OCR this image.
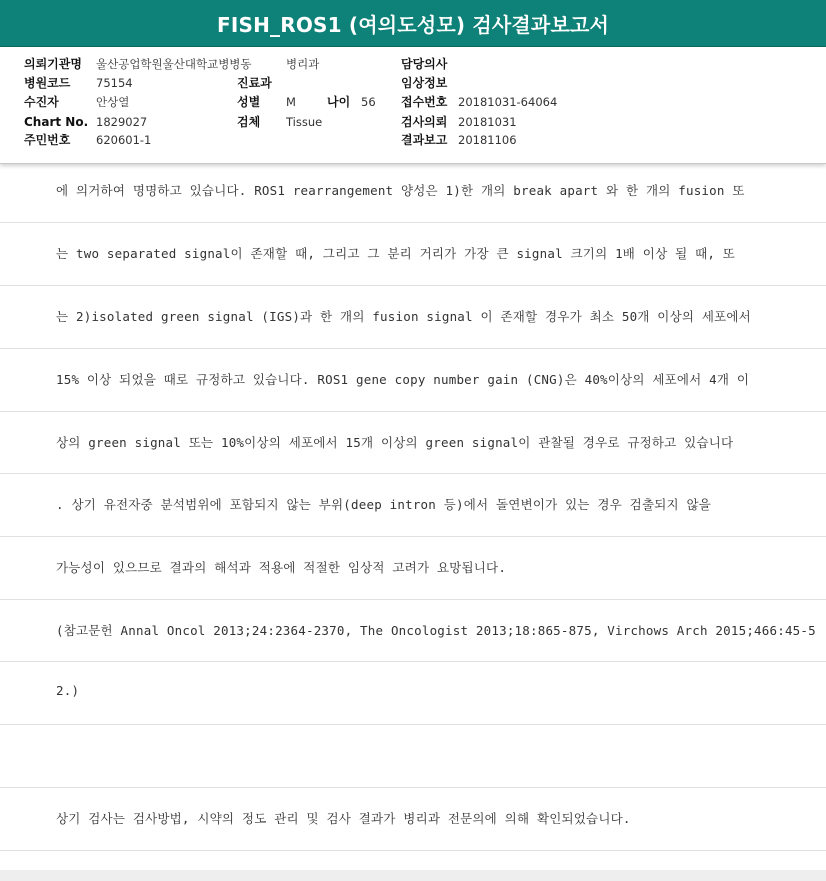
FISH_ROS1 (여의도성모) 검사결과보고서
의뢰기관명 울산공업학원울산대학교병병동	병리과	담당의사
병원코드 75154	진료과	임상정보
수진자	안상열	성별 M	나이 56 접수번호 20181031-64064
Chart No. 1829027	검체 Tissue	검사의뢰 20181031
주민번호 620601-1	결과보고 20181106
에 의거하여 명명하고 있습니다. ROS1 rearrangement 양성은 1)한 개의 break apart 와 한 개의 fusion 또
는 two separated signal이 존재할 때, 그리고 그 분리 거리가 가장 큰 signal 크기의 1배 이상 될 때, 또
는 2)isolated green signal (IGS)과 한 개의 fusion signal 이 존재할 경우가 최소 50개 이상의 세포에서
15% 이상 되었을 때로 규정하고 있습니다. ROS1 gene copy number gain (CNG)은 40%이상의 세포에서 4개 이
상의 green signal 또는 10%이상의 세포에서 15개 이상의 green signal이 관찰될 경우로 규정하고 있습니다
. 상기 유전자중 분석범위에 포함되지 않는 부위(deep intron 등)에서 돌연변이가 있는 경우 검출되지 않을
가능성이 있으므로 결과의 해석과 적용에 적절한 임상적 고려가 요망됩니다.
(참고문헌 Annal Oncol 2013;24:2364-2370, The Oncologist 2013;18:865-875, Virchows Arch 2015;466:45-5
2.)
상기 검사는 검사방법, 시약의 정도 관리 및 검사 결과가 병리과 전문의에 의해 확인되었습니다.
